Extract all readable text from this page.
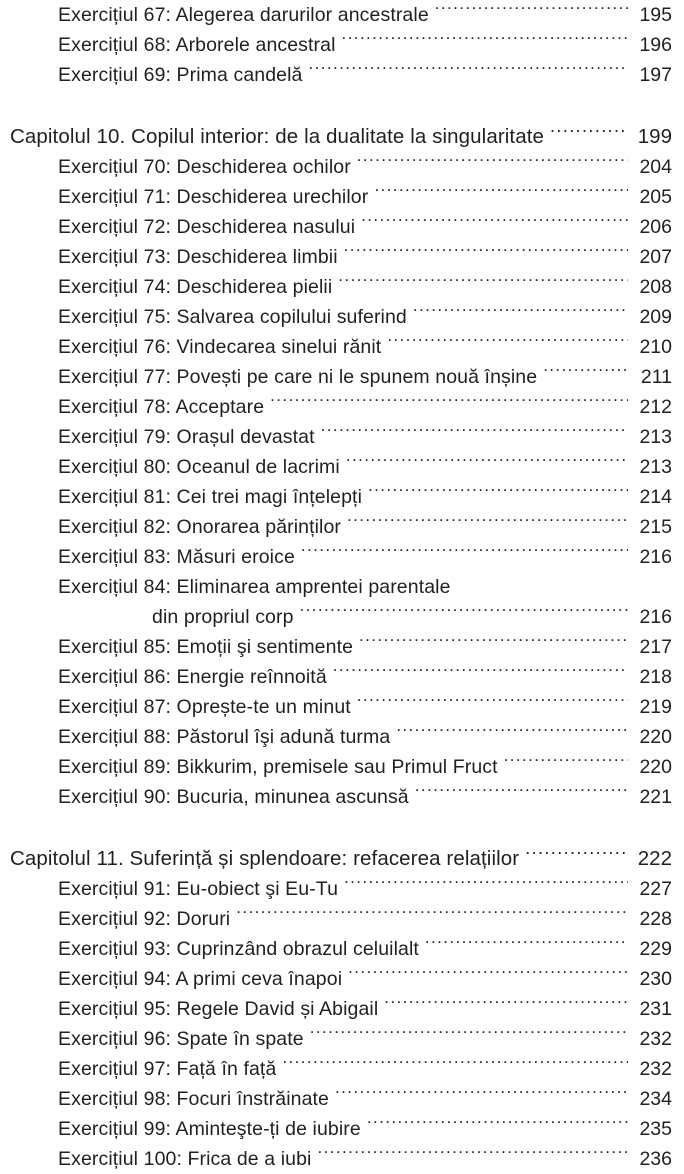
Exercițiul 67: Alegerea darurilor ancestrale .....	195
Exercițiul 68: Arborele ancestral .....	196
Exercițiul 69: Prima candelă .....	197
Capitolul 10. Copilul interior: de la dualitate la singularitate .....	199
Exercițiul 70: Deschiderea ochilor .....	204
Exercițiul 71: Deschiderea urechilor .....	205
Exercițiul 72: Deschiderea nasului .....	206
Exercițiul 73: Deschiderea limbii .....	207
Exercițiul 74: Deschiderea pielii .....	208
Exercițiul 75: Salvarea copilului suferind .....	209
Exercițiul 76: Vindecarea sinelui rănit .....	210
Exercițiul 77: Povești pe care ni le spunem nouă înșine .....	211
Exercițiul 78: Acceptare .....	212
Exercițiul 79: Orașul devastat .....	213
Exercițiul 80: Oceanul de lacrimi .....	213
Exercițiul 81: Cei trei magi înțelepți .....	214
Exercițiul 82: Onorarea părinților .....	215
Exercițiul 83: Măsuri eroice .....	216
Exercițiul 84: Eliminarea amprentei parentale
din propriul corp .....	216
Exercițiul 85: Emoții şi sentimente .....	217
Exercițiul 86: Energie reînnoită .....	218
Exercițiul 87: Oprește-te un minut .....	219
Exercițiul 88: Păstorul îşi adună turma .....	220
Exercițiul 89: Bikkurim, premisele sau Primul Fruct .....	220
Exercițiul 90: Bucuria, minunea ascunsă .....	221
Capitolul 11. Suferință și splendoare: refacerea relațiilor .....	222
Exercițiul 91: Eu-obiect şi Eu-Tu .....	227
Exercițiul 92: Doruri .....	228
Exercițiul 93: Cuprinzând obrazul celuilalt .....	229
Exercițiul 94: A primi ceva înapoi .....	230
Exercițiul 95: Regele David și Abigail .....	231
Exercițiul 96: Spate în spate .....	232
Exercițiul 97: Față în față .....	232
Exercițiul 98: Focuri înstrăinate .....	234
Exercițiul 99: Aminteşte-ți de iubire .....	235
Exercițiul 100: Frica de a iubi .....	236
